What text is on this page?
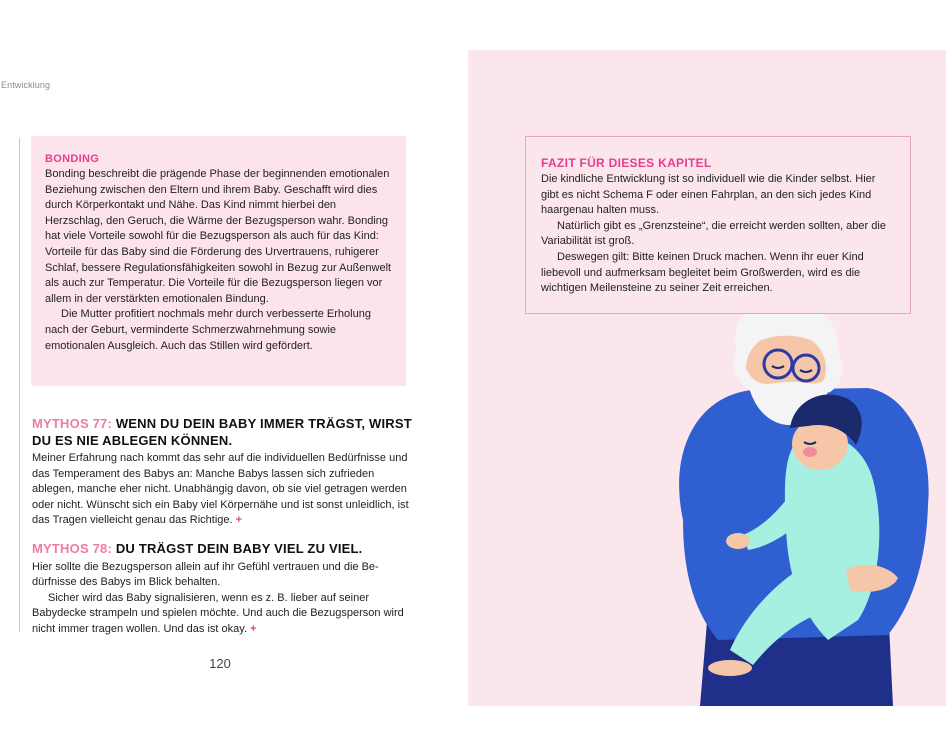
Entwicklung
BONDING

Bonding beschreibt die prägende Phase der beginnenden emotionalen Beziehung zwischen den Eltern und ihrem Baby. Geschafft wird dies durch Körperkontakt und Nähe. Das Kind nimmt hierbei den Herzschlag, den Geruch, die Wärme der Bezugsperson wahr. Bonding hat viele Vorteile sowohl für die Bezugsperson als auch für das Kind: Vorteile für das Baby sind die Förderung des Urvertrauens, ruhigerer Schlaf, bessere Regulationsfähigkeiten sowohl in Bezug zur Außenwelt als auch zur Temperatur. Die Vorteile für die Bezugsperson liegen vor allem in der verstärkten emotionalen Bindung.

Die Mutter profitiert nochmals mehr durch verbesserte Erholung nach der Geburt, verminderte Schmerzwahrnehmung sowie emotionalen Ausgleich. Auch das Stillen wird gefördert.

MYTHOS 77: WENN DU DEIN BABY IMMER TRÄGST, WIRST DU ES NIE ABLEGEN KÖNNEN.

Meiner Erfahrung nach kommt das sehr auf die individuellen Bedürfnisse und das Temperament des Babys an: Manche Babys lassen sich zufrieden ablegen, manche eher nicht. Unabhängig davon, ob sie viel getragen werden oder nicht. Wünscht sich ein Baby viel Körpernähe und ist sonst unleidlich, ist das Tragen vielleicht genau das Richtige. +

MYTHOS 78: DU TRÄGST DEIN BABY VIEL ZU VIEL.

Hier sollte die Bezugsperson allein auf ihr Gefühl vertrauen und die Bedürfnisse des Babys im Blick behalten.

Sicher wird das Baby signalisieren, wenn es z. B. lieber auf seiner Babydecke strampeln und spielen möchte. Und auch die Bezugsperson wird nicht immer tragen wollen. Und das ist okay. +

120
FAZIT FÜR DIESES KAPITEL

Die kindliche Entwicklung ist so individuell wie die Kinder selbst. Hier gibt es nicht Schema F oder einen Fahrplan, an den sich jedes Kind haargenau halten muss.

Natürlich gibt es „Grenzsteine“, die erreicht werden sollten, aber die Variabilität ist groß.

Deswegen gilt: Bitte keinen Druck machen. Wenn ihr euer Kind liebevoll und aufmerksam begleitet beim Großwerden, wird es die wichtigen Meilensteine zu seiner Zeit erreichen.
